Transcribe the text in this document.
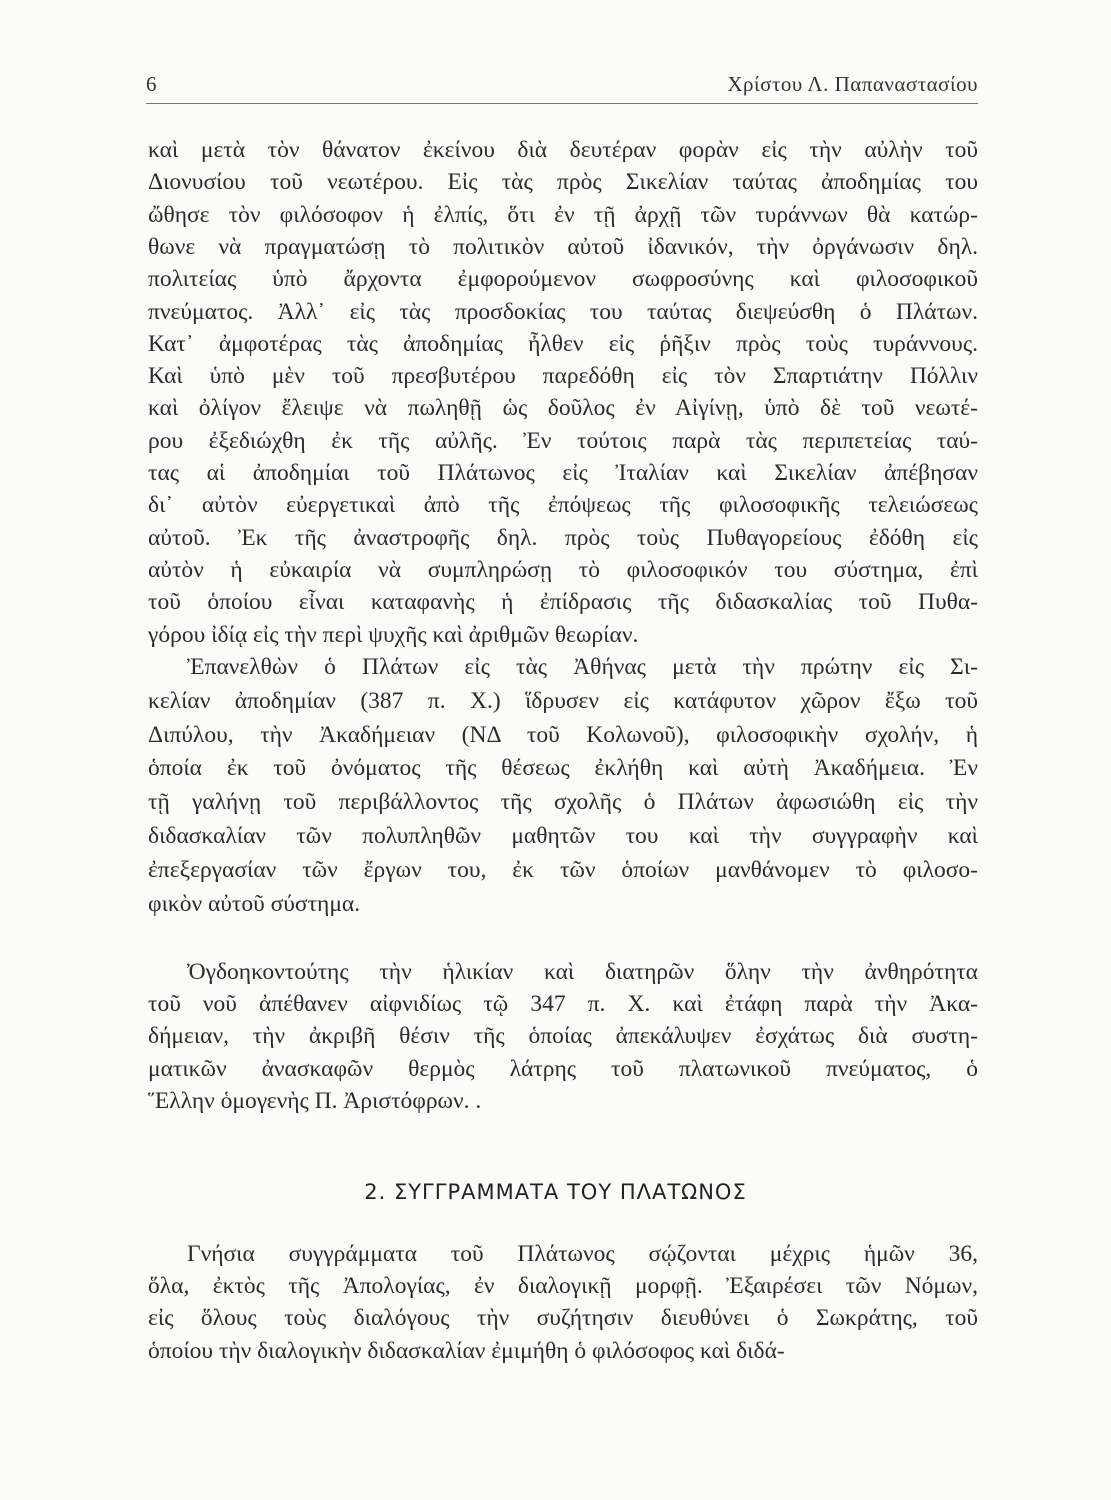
6	Χρίστου Λ. Παπαναστασίου
καὶ μετὰ τὸν θάνατον ἐκείνου διὰ δευτέραν φορὰν εἰς τὴν αὐλὴν τοῦ
Διονυσίου τοῦ νεωτέρου. Εἰς τὰς πρὸς Σικελίαν ταύτας ἀποδημίας του
ὤθησε τὸν φιλόσοφον ἡ ἐλπίς, ὅτι ἐν τῇ ἀρχῇ τῶν τυράννων θὰ κατώρ-
θωνε νὰ πραγματώσῃ τὸ πολιτικὸν αὐτοῦ ἰδανικόν, τὴν ὀργάνωσιν δηλ.
πολιτείας ὑπὸ ἄρχοντα ἐμφορούμενον σωφροσύνης καὶ φιλοσοφικοῦ
πνεύματος. Ἀλλ᾽ εἰς τὰς προσδοκίας του ταύτας διεψεύσθη ὁ Πλάτων.
Κατ᾽ ἀμφοτέρας τὰς ἀποδημίας ἦλθεν εἰς ῥῆξιν πρὸς τοὺς τυράννους.
Καὶ ὑπὸ μὲν τοῦ πρεσβυτέρου παρεδόθη εἰς τὸν Σπαρτιάτην Πόλλιν
καὶ ὀλίγον ἔλειψε νὰ πωληθῇ ὡς δοῦλος ἐν Αἰγίνῃ, ὑπὸ δὲ τοῦ νεωτέ-
ρου ἐξεδιώχθη ἐκ τῆς αὐλῆς. Ἐν τούτοις παρὰ τὰς περιπετείας ταύ-
τας αἱ ἀποδημίαι τοῦ Πλάτωνος εἰς Ἰταλίαν καὶ Σικελίαν ἀπέβησαν
δι᾽ αὐτὸν εὐεργετικαὶ ἀπὸ τῆς ἐπόψεως τῆς φιλοσοφικῆς τελειώσεως
αὐτοῦ. Ἐκ τῆς ἀναστροφῆς δηλ. πρὸς τοὺς Πυθαγορείους ἐδόθη εἰς
αὐτὸν ἡ εὐκαιρία νὰ συμπληρώσῃ τὸ φιλοσοφικόν του σύστημα, ἐπὶ
τοῦ ὁποίου εἶναι καταφανὴς ἡ ἐπίδρασις τῆς διδασκαλίας τοῦ Πυθα-
γόρου ἰδίᾳ εἰς τὴν περὶ ψυχῆς καὶ ἀριθμῶν θεωρίαν.
Ἐπανελθὼν ὁ Πλάτων εἰς τὰς Ἀθήνας μετὰ τὴν πρώτην εἰς Σι-
κελίαν ἀποδημίαν (387 π. Χ.) ἵδρυσεν εἰς κατάφυτον χῶρον ἔξω τοῦ
Διπύλου, τὴν Ἀκαδήμειαν (ΝΔ τοῦ Κολωνοῦ), φιλοσοφικὴν σχολήν, ἡ
ὁποία ἐκ τοῦ ὀνόματος τῆς θέσεως ἐκλήθη καὶ αὐτὴ Ἀκαδήμεια. Ἐν
τῇ γαλήνῃ τοῦ περιβάλλοντος τῆς σχολῆς ὁ Πλάτων ἀφωσιώθη εἰς τὴν
διδασκαλίαν τῶν πολυπληθῶν μαθητῶν του καὶ τὴν συγγραφὴν καὶ
ἐπεξεργασίαν τῶν ἔργων του, ἐκ τῶν ὁποίων μανθάνομεν τὸ φιλοσο-
φικὸν αὐτοῦ σύστημα.
Ὀγδοηκοντούτης τὴν ἡλικίαν καὶ διατηρῶν ὅλην τὴν ἀνθηρότητα
τοῦ νοῦ ἀπέθανεν αἰφνιδίως τῷ 347 π. Χ. καὶ ἐτάφη παρὰ τὴν Ἀκα-
δήμειαν, τὴν ἀκριβῆ θέσιν τῆς ὁποίας ἀπεκάλυψεν ἐσχάτως διὰ συστη-
ματικῶν ἀνασκαφῶν θερμὸς λάτρης τοῦ πλατωνικοῦ πνεύματος, ὁ
Ἕλλην ὁμογενὴς Π. Ἀριστόφρων. .
Γνήσια συγγράμματα τοῦ Πλάτωνος σῴζονται μέχρις ἡμῶν 36,
ὅλα, ἐκτὸς τῆς Ἀπολογίας, ἐν διαλογικῇ μορφῇ. Ἐξαιρέσει τῶν Νόμων,
εἰς ὅλους τοὺς διαλόγους τὴν συζήτησιν διευθύνει ὁ Σωκράτης, τοῦ
ὁποίου τὴν διαλογικὴν διδασκαλίαν ἐμιμήθη ὁ φιλόσοφος καὶ διδά-
2. ΣΥΓΓΡΑΜΜΑΤΑ ΤΟΥ ΠΛΑΤΩΝΟΣ
